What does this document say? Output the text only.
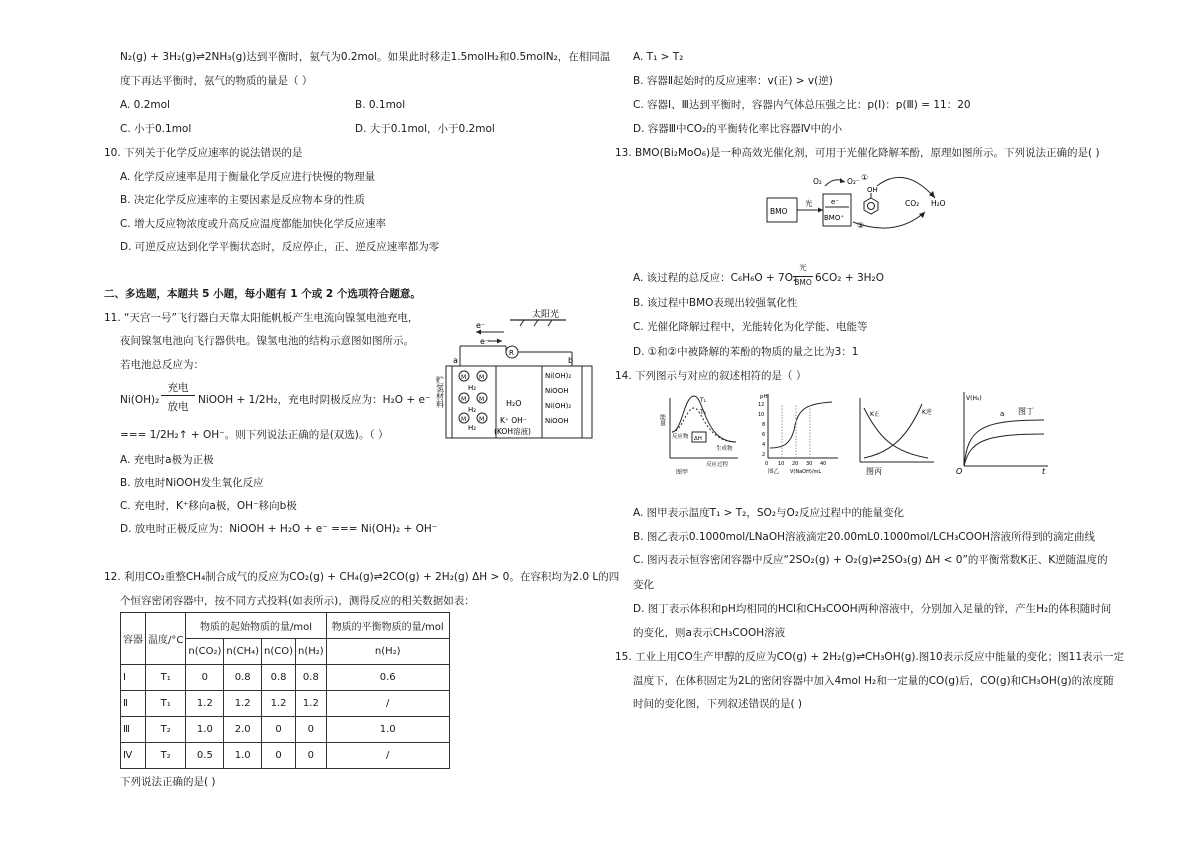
N₂(g) + 3H₂(g)⇌2NH₃(g)达到平衡时，氨气为0.2mol。如果此时移走1.5molH₂和0.5molN₂，在相同温
度下再达平衡时，氨气的物质的量是（ ）
A. 0.2mol	B. 0.1mol
C. 小于0.1mol	D. 大于0.1mol，小于0.2mol
10. 下列关于化学反应速率的说法错误的是
A. 化学反应速率是用于衡量化学反应进行快慢的物理量
B. 决定化学反应速率的主要因素是反应物本身的性质
C. 增大反应物浓度或升高反应温度都能加快化学反应速率
D. 可逆反应达到化学平衡状态时，反应停止，正、逆反应速率都为零
二、多选题，本题共 5 小题，每小题有 1 个或 2 个选项符合题意。
11. “天宫一号”飞行器白天靠太阳能帆板产生电流向镍氢电池充电，
夜间镍氢电池向飞行器供电。镍氢电池的结构示意图如图所示。
若电池总反应为：
Ni(OH)₂
充电
放电
NiOOH + 1/2H₂，充电时阴极反应为：H₂O + e⁻
=== 1/2H₂↑ + OH⁻。则下列说法正确的是(双选)。（ ）
A. 充电时a极为正极
B. 放电时NiOOH发生氧化反应
C. 充电时，K⁺移向a极，OH⁻移向b极
D. 放电时正极反应为：NiOOH + H₂O + e⁻ === Ni(OH)₂ + OH⁻
太阳光
e⁻
R
e⁻
a	b
贮氢材料	M M
H₂
M M
H₂
M M
H₂
H₂O
Ni(OH)₂
NiOOH
Ni(OH)₂
NiOOH
K⁺ OH⁻
(KOH溶液)
12. 利用CO₂重整CH₄制合成气的反应为CO₂(g) + CH₄(g)⇌2CO(g) + 2H₂(g) ΔH > 0。在容积均为2.0 L的四
个恒容密闭容器中，按不同方式投料(如表所示)，测得反应的相关数据如表：
容器	温度/°C	物质的起始物质的量/mol				物质的平衡物质的量/mol
		n(CO₂)	n(CH₄)	n(CO)	n(H₂)	n(H₂)
I	T₁	0	0.8	0.8	0.8	0.6
Ⅱ	T₁	1.2	1.2	1.2	1.2	/
Ⅲ	T₂	1.0	2.0	0	0	1.0
Ⅳ	T₂	0.5	1.0	0	0	/
下列说法正确的是( )
A. T₁ > T₂
B. 容器Ⅱ起始时的反应速率：v(正) > v(逆)
C. 容器Ⅰ、Ⅲ达到平衡时，容器内气体总压强之比：p(Ⅰ)：p(Ⅲ) = 11：20
D. 容器Ⅲ中CO₂的平衡转化率比容器Ⅳ中的小
13. BMO(Bi₂MoO₆)是一种高效光催化剂，可用于光催化降解苯酚，原理如图所示。下列说法正确的是( )
BMO
光	e⁻
BMO⁺
O₂	O₂⁻ ①
OH
②
CO₂ H₂O
A. 该过程的总反应：C₆H₆O + 7O₂
光
BMO 6CO₂ + 3H₂O
B. 该过程中BMO表现出较强氧化性
C. 光催化降解过程中，光能转化为化学能、电能等
D. ①和②中被降解的苯酚的物质的量之比为3：1
14. 下列图示与对应的叙述相符的是（ ）
能量
T₁
T₂
反应物 ΔH
生成物
反应过程
图甲
pH
12
10
8
6
4
2
0 10 20 30 40
图乙 V(NaOH)/mL
K正	K逆
图丙
V(H₂)
a 图丁
O	t
A. 图甲表示温度T₁ > T₂，SO₂与O₂反应过程中的能量变化
B. 图乙表示0.1000mol/LNaOH溶液滴定20.00mL0.1000mol/LCH₃COOH溶液所得到的滴定曲线
C. 图丙表示恒容密闭容器中反应“2SO₂(g) + O₂(g)⇌2SO₃(g) ΔH < 0”的平衡常数K正、K逆随温度的
变化
D. 图丁表示体积和pH均相同的HCl和CH₃COOH两种溶液中，分别加入足量的锌，产生H₂的体积随时间
的变化，则a表示CH₃COOH溶液
15. 工业上用CO生产甲醇的反应为CO(g) + 2H₂(g)⇌CH₃OH(g).图10表示反应中能量的变化；图11表示一定
温度下，在体积固定为2L的密闭容器中加入4mol H₂和一定量的CO(g)后，CO(g)和CH₃OH(g)的浓度随
时间的变化图，下列叙述错误的是( )
